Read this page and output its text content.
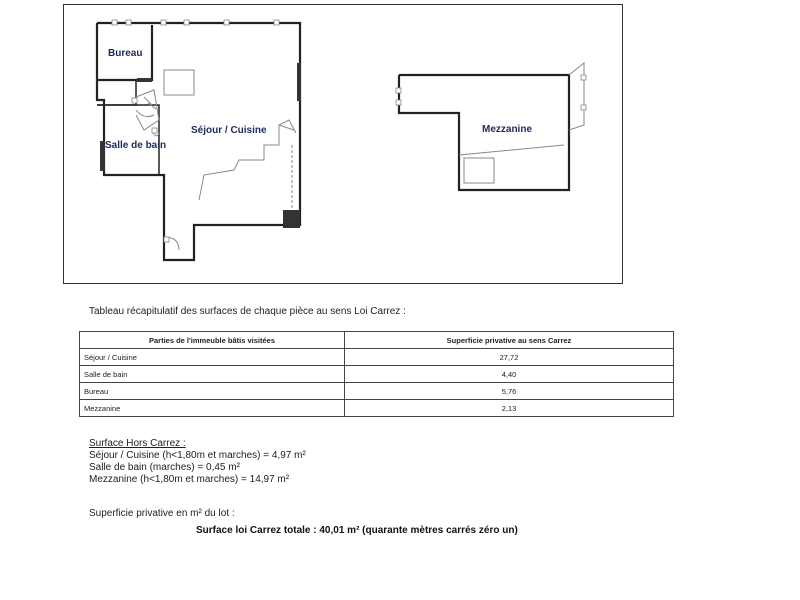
Bureau
Séjour / Cuisine
Salle de bain
Mezzanine
Tableau récapitulatif des surfaces de chaque pièce au sens Loi Carrez :
Parties de l'immeuble bâtis visitées	Superficie privative au sens Carrez
Séjour / Cuisine	27,72
Salle de bain	4,40
Bureau	5,76
Mezzanine	2,13
Surface Hors Carrez :
Séjour / Cuisine (h<1,80m et marches) = 4,97 m²
Salle de bain (marches) = 0,45 m²
Mezzanine (h<1,80m et marches) = 14,97 m²
Superficie privative en m² du lot :
Surface loi Carrez totale : 40,01 m² (quarante mètres carrés zéro un)
